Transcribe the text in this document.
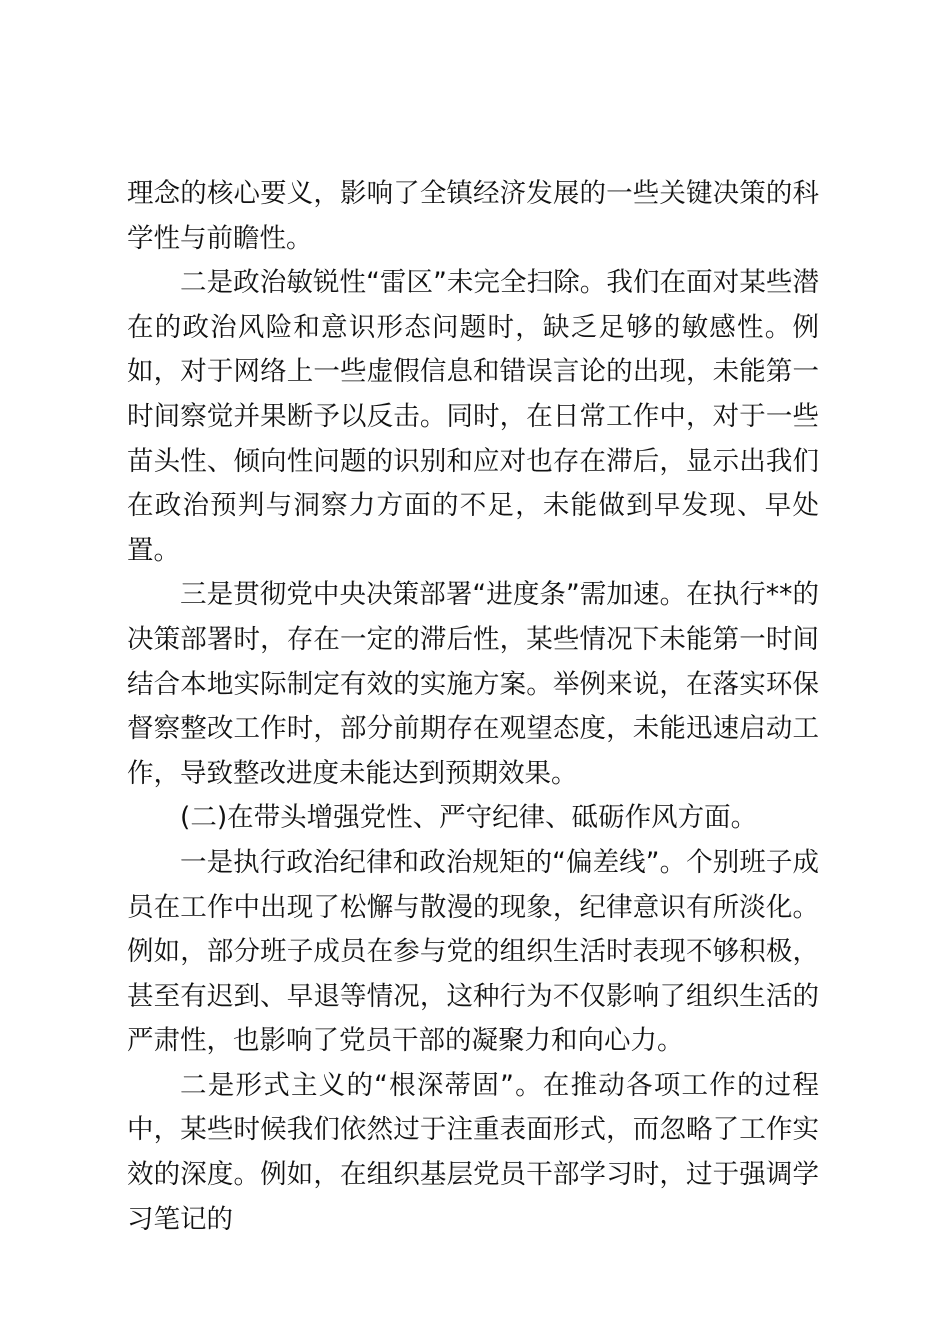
理念的核心要义，影响了全镇经济发展的一些关键决策的科学性与前瞻性。

二是政治敏锐性“雷区”未完全扫除。我们在面对某些潜在的政治风险和意识形态问题时，缺乏足够的敏感性。例如，对于网络上一些虚假信息和错误言论的出现，未能第一时间察觉并果断予以反击。同时，在日常工作中，对于一些苗头性、倾向性问题的识别和应对也存在滞后，显示出我们在政治预判与洞察力方面的不足，未能做到早发现、早处置。

三是贯彻党中央决策部署“进度条”需加速。在执行**的决策部署时，存在一定的滞后性，某些情况下未能第一时间结合本地实际制定有效的实施方案。举例来说，在落实环保督察整改工作时，部分前期存在观望态度，未能迅速启动工作，导致整改进度未能达到预期效果。

(二)在带头增强党性、严守纪律、砥砺作风方面。

一是执行政治纪律和政治规矩的“偏差线”。个别班子成员在工作中出现了松懈与散漫的现象，纪律意识有所淡化。例如，部分班子成员在参与党的组织生活时表现不够积极，甚至有迟到、早退等情况，这种行为不仅影响了组织生活的严肃性，也影响了党员干部的凝聚力和向心力。

二是形式主义的“根深蒂固”。在推动各项工作的过程中，某些时候我们依然过于注重表面形式，而忽略了工作实效的深度。例如，在组织基层党员干部学习时，过于强调学习笔记的
